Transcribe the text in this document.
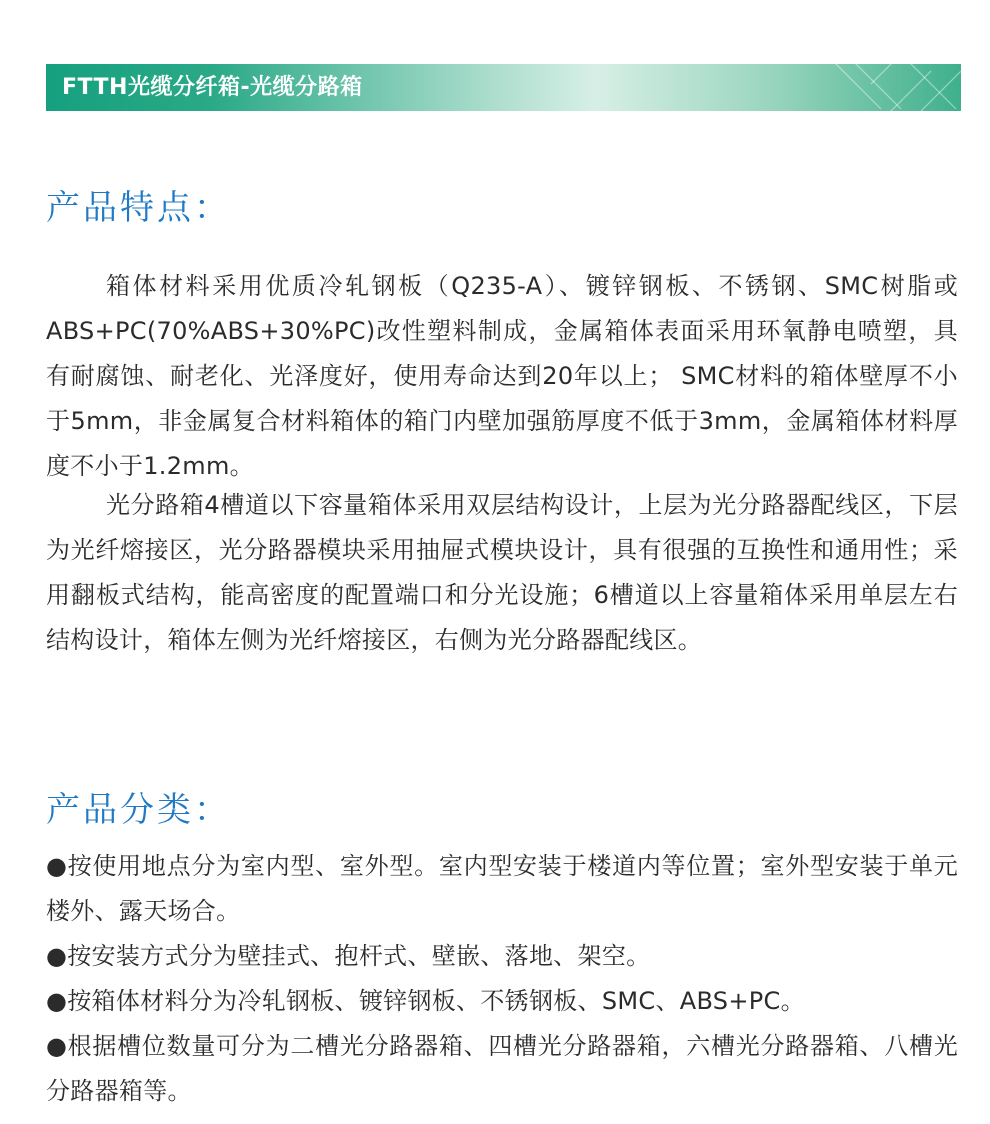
FTTH光缆分纤箱-光缆分路箱
产品特点：

箱体材料采用优质冷轧钢板（Q235-A）、镀锌钢板、不锈钢、SMC树脂或ABS+PC(70%ABS+30%PC)改性塑料制成，金属箱体表面采用环氧静电喷塑，具有耐腐蚀、耐老化、光泽度好，使用寿命达到20年以上； SMC材料的箱体壁厚不小于5mm，非金属复合材料箱体的箱门内壁加强筋厚度不低于3mm，金属箱体材料厚度不小于1.2mm。

光分路箱4槽道以下容量箱体采用双层结构设计，上层为光分路器配线区，下层为光纤熔接区，光分路器模块采用抽屉式模块设计，具有很强的互换性和通用性；采用翻板式结构，能高密度的配置端口和分光设施；6槽道以上容量箱体采用单层左右结构设计，箱体左侧为光纤熔接区，右侧为光分路器配线区。

产品分类：
●按使用地点分为室内型、室外型。室内型安装于楼道内等位置；室外型安装于单元楼外、露天场合。
●按安装方式分为壁挂式、抱杆式、壁嵌、落地、架空。
●按箱体材料分为冷轧钢板、镀锌钢板、不锈钢板、SMC、ABS+PC。
●根据槽位数量可分为二槽光分路器箱、四槽光分路器箱，六槽光分路器箱、八槽光分路器箱等。
